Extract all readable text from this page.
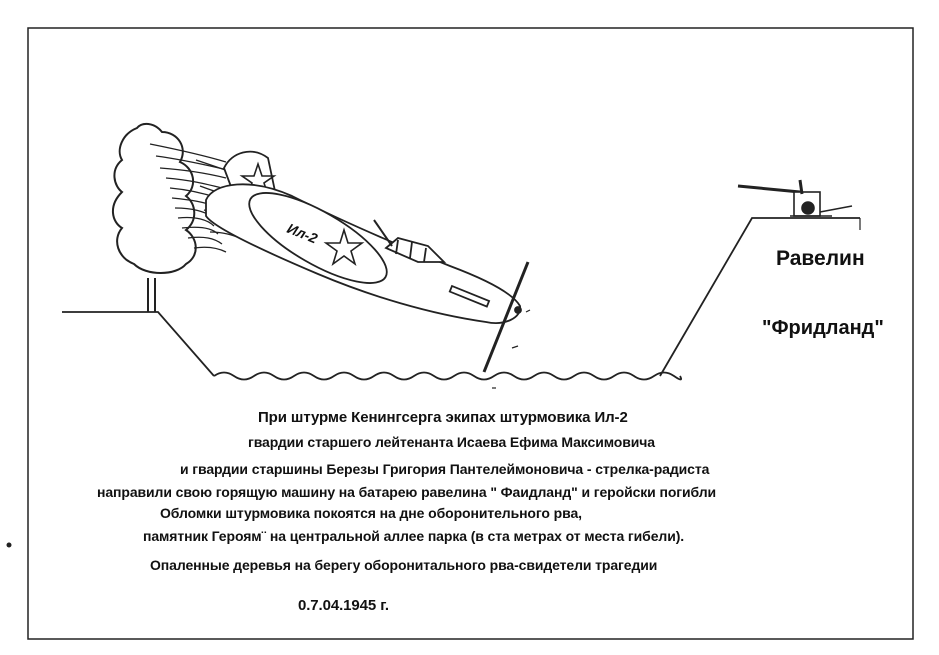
Ил-2
Равелин
"Фридланд"
При штурме Кенингсерга экипах штурмовика Ил-2
гвардии старшего лейтенанта Исаева Ефима Максимовича
и гвардии старшины Березы Григория Пантелеймоновича - стрелка-радиста
направили свою горящую машину на батарею равелина " Фаидланд" и геройски погибли
Обломки штурмовика покоятся на дне оборонительного рва,
памятник Героям¨ на центральной аллее парка (в ста метрах от места гибели).
Опаленные деревья на берегу оборонитального рва-свидетели трагедии
0.7.04.1945 г.
